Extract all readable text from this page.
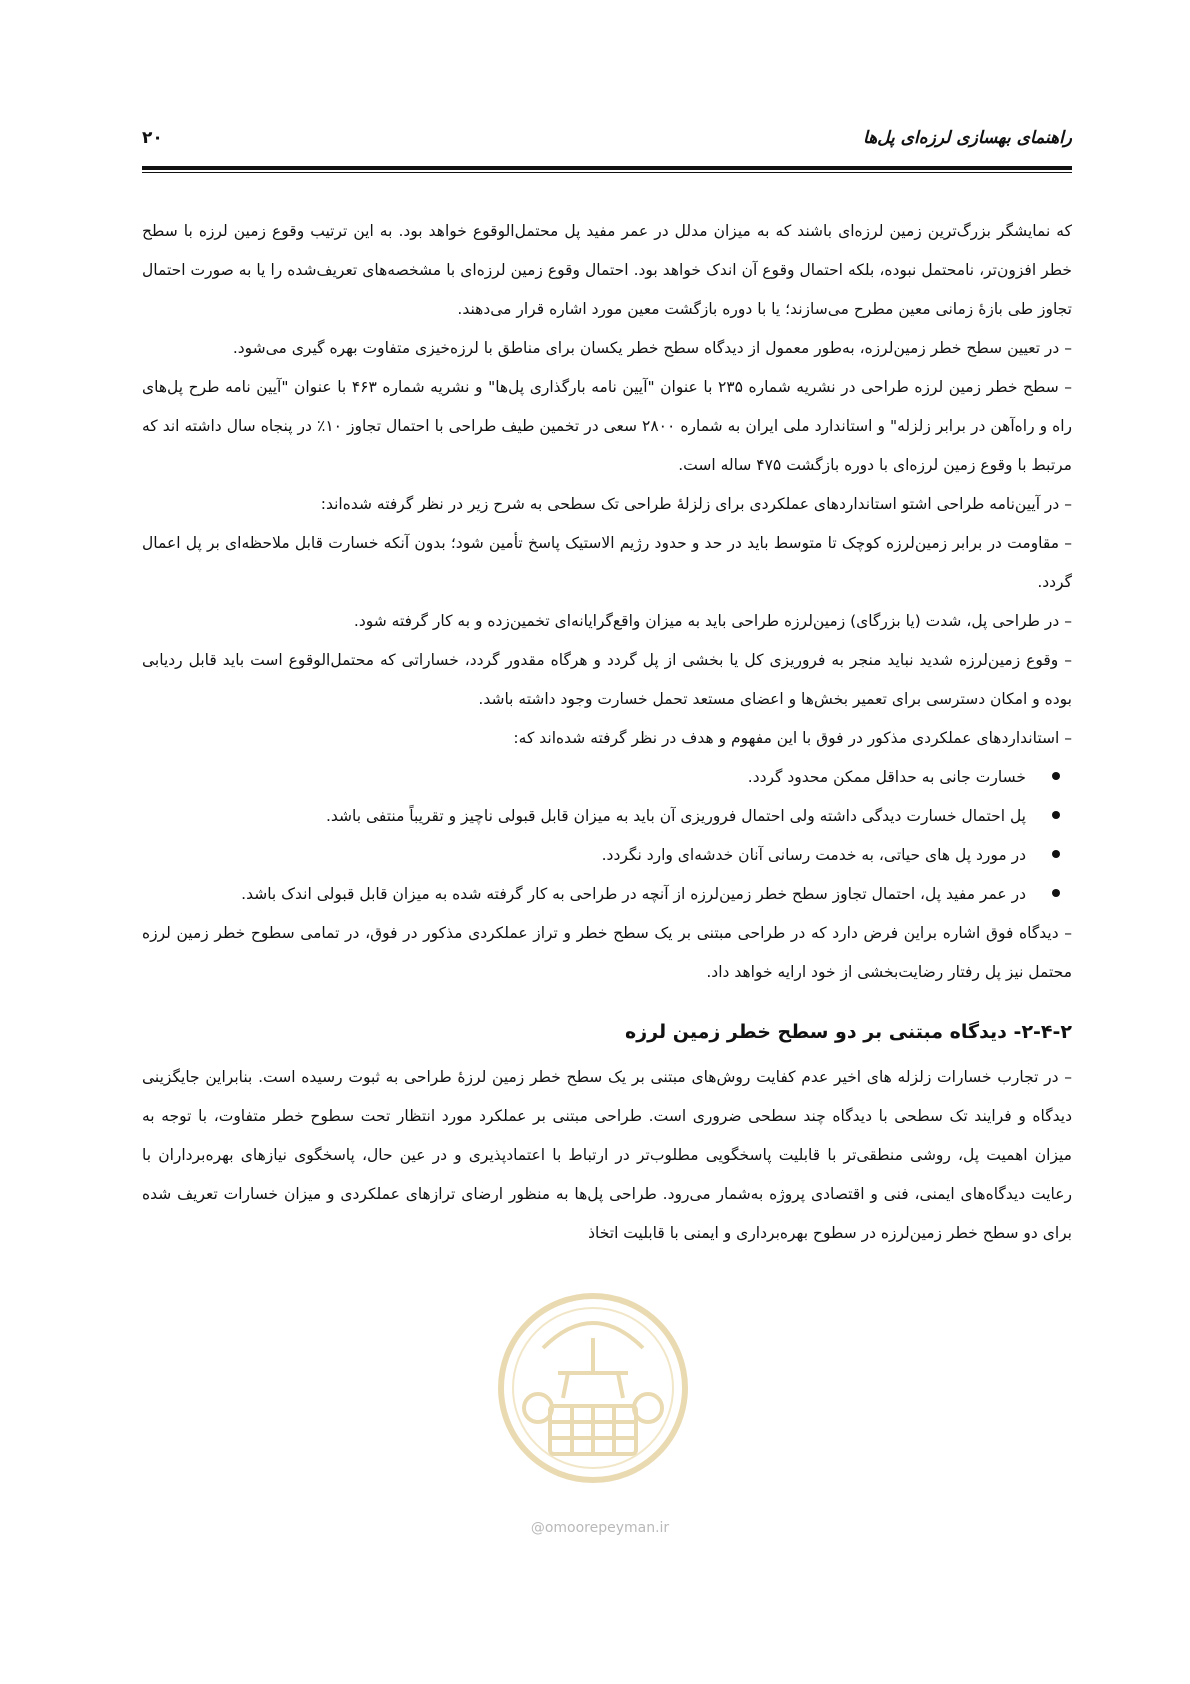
راهنمای بهسازی لرزه‌ای پل‌ها
۲۰

که نمایشگر بزرگ‌ترین زمین لرزه‌ای باشند که به میزان مدلل در عمر مفید پل محتمل‌الوقوع خواهد بود. به این ترتیب وقوع زمین لرزه با سطح خطر افزون‌تر، نامحتمل نبوده، بلکه احتمال وقوع آن اندک خواهد بود. احتمال وقوع زمین لرزه‌ای با مشخصه‌های تعریف‌شده را یا به صورت احتمال تجاوز طی بازهٔ زمانی معین مطرح می‌سازند؛ یا با دوره بازگشت معین مورد اشاره قرار می‌دهند.

– در تعیین سطح خطر زمین‌لرزه، به‌طور معمول از دیدگاه سطح خطر یکسان برای مناطق با لرزه‌خیزی متفاوت بهره گیری می‌شود.

– سطح خطر زمین لرزه طراحی در نشریه شماره ۲۳۵ با عنوان "آیین نامه بارگذاری پل‌ها" و نشریه شماره ۴۶۳ با عنوان "آیین نامه طرح پل‌های راه و راه‌آهن در برابر زلزله" و استاندارد ملی ایران به شماره ۲۸۰۰ سعی در تخمین طیف طراحی با احتمال تجاوز ۱۰٪ در پنجاه سال داشته اند که مرتبط با وقوع زمین لرزه‌ای با دوره بازگشت ۴۷۵ ساله است.

– در آیین‌نامه طراحی اشتو استانداردهای عملکردی برای زلزلهٔ طراحی تک سطحی به شرح زیر در نظر گرفته شده‌اند:

– مقاومت در برابر زمین‌لرزه کوچک تا متوسط باید در حد و حدود رژیم الاستیک پاسخ تأمین شود؛ بدون آنکه خسارت قابل ملاحظه‌ای بر پل اعمال گردد.

– در طراحی پل، شدت (یا بزرگای) زمین‌لرزه طراحی باید به میزان واقع‌گرایانه‌ای تخمین‌زده و به کار گرفته شود.

– وقوع زمین‌لرزه شدید نباید منجر به فروریزی کل یا بخشی از پل گردد و هرگاه مقدور گردد، خساراتی که محتمل‌الوقوع است باید قابل ردیابی بوده و امکان دسترسی برای تعمیر بخش‌ها و اعضای مستعد تحمل خسارت وجود داشته باشد.

– استانداردهای عملکردی مذکور در فوق با این مفهوم و هدف در نظر گرفته شده‌اند که:

خسارت جانی به حداقل ممکن محدود گردد.
پل احتمال خسارت دیدگی داشته ولی احتمال فروریزی آن باید به میزان قابل قبولی ناچیز و تقریباً منتفی باشد.
در مورد پل های حیاتی، به خدمت رسانی آنان خدشه‌ای وارد نگردد.
در عمر مفید پل، احتمال تجاوز سطح خطر زمین‌لرزه از آنچه در طراحی به کار گرفته شده به میزان قابل قبولی اندک باشد.

– دیدگاه فوق اشاره براین فرض دارد که در طراحی مبتنی بر یک سطح خطر و تراز عملکردی مذکور در فوق، در تمامی سطوح خطر زمین لرزه محتمل نیز پل رفتار رضایت‌بخشی از خود ارایه خواهد داد.

۲-۴-۲- دیدگاه مبتنی بر دو سطح خطر زمین لرزه

– در تجارب خسارات زلزله های اخیر عدم کفایت روش‌های مبتنی بر یک سطح خطر زمین لرزهٔ طراحی به ثبوت رسیده است. بنابراین جایگزینی دیدگاه و فرایند تک سطحی با دیدگاه چند سطحی ضروری است. طراحی مبتنی بر عملکرد مورد انتظار تحت سطوح خطر متفاوت، با توجه به میزان اهمیت پل، روشی منطقی‌تر با قابلیت پاسخگویی مطلوب‌تر در ارتباط با اعتمادپذیری و در عین حال، پاسخگوی نیازهای بهره‌برداران با رعایت دیدگاه‌های ایمنی، فنی و اقتصادی پروژه به‌شمار می‌رود. طراحی پل‌ها به منظور ارضای ترازهای عملکردی و میزان خسارات تعریف شده برای دو سطح خطر زمین‌لرزه در سطوح بهره‌برداری و ایمنی با قابلیت اتخاذ

@omoorepeyman.ir
